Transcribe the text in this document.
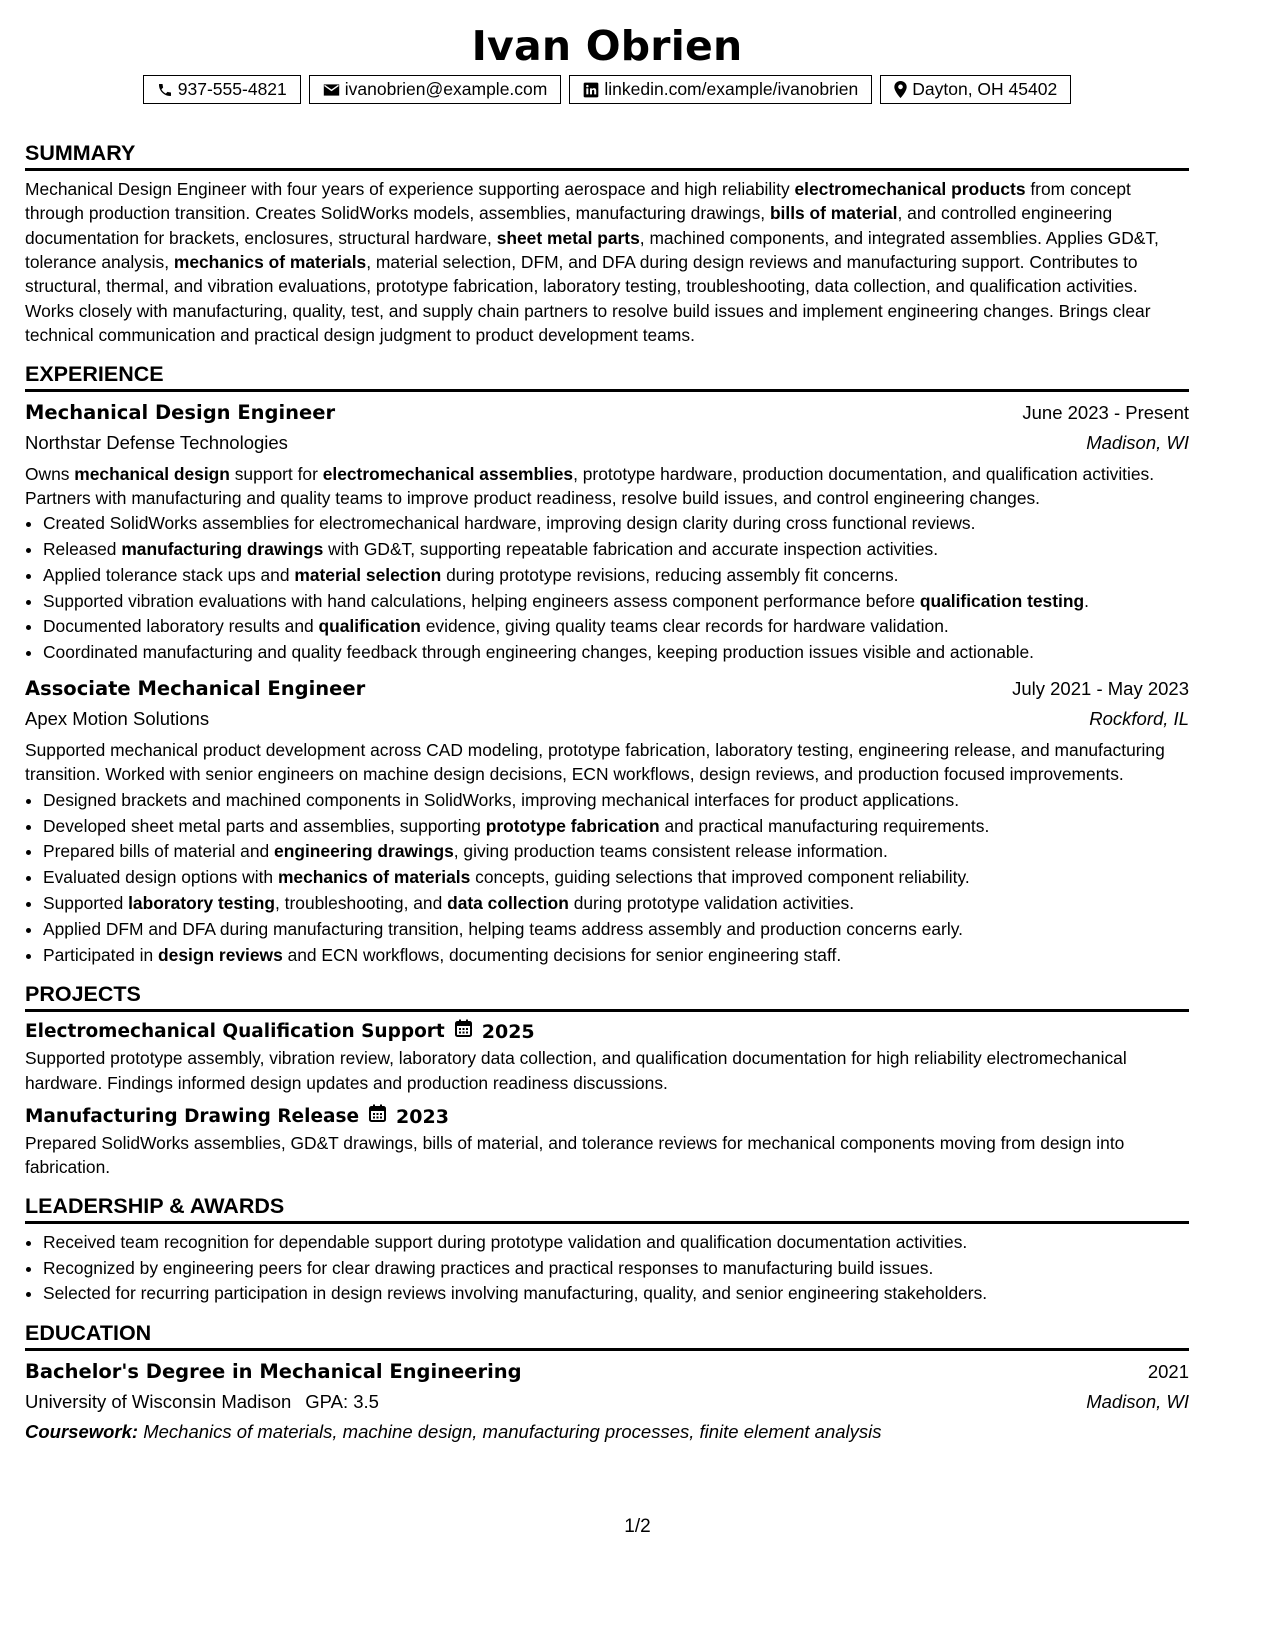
Ivan Obrien
937-555-4821	ivanobrien@example.com	linkedin.com/example/ivanobrien	Dayton, OH 45402
SUMMARY

Mechanical Design Engineer with four years of experience supporting aerospace and high reliability electromechanical products from concept through production transition. Creates SolidWorks models, assemblies, manufacturing drawings, bills of material, and controlled engineering documentation for brackets, enclosures, structural hardware, sheet metal parts, machined components, and integrated assemblies. Applies GD&T, tolerance analysis, mechanics of materials, material selection, DFM, and DFA during design reviews and manufacturing support. Contributes to structural, thermal, and vibration evaluations, prototype fabrication, laboratory testing, troubleshooting, data collection, and qualification activities. Works closely with manufacturing, quality, test, and supply chain partners to resolve build issues and implement engineering changes. Brings clear technical communication and practical design judgment to product development teams.

EXPERIENCE
Mechanical Design Engineer	June 2023 - Present
Northstar Defense Technologies	Madison, WI

Owns mechanical design support for electromechanical assemblies, prototype hardware, production documentation, and qualification activities. Partners with manufacturing and quality teams to improve product readiness, resolve build issues, and control engineering changes.

• Created SolidWorks assemblies for electromechanical hardware, improving design clarity during cross functional reviews.
• Released manufacturing drawings with GD&T, supporting repeatable fabrication and accurate inspection activities.
• Applied tolerance stack ups and material selection during prototype revisions, reducing assembly fit concerns.
• Supported vibration evaluations with hand calculations, helping engineers assess component performance before qualification testing.
• Documented laboratory results and qualification evidence, giving quality teams clear records for hardware validation.
• Coordinated manufacturing and quality feedback through engineering changes, keeping production issues visible and actionable.
Associate Mechanical Engineer	July 2021 - May 2023
Apex Motion Solutions	Rockford, IL

Supported mechanical product development across CAD modeling, prototype fabrication, laboratory testing, engineering release, and manufacturing transition. Worked with senior engineers on machine design decisions, ECN workflows, design reviews, and production focused improvements.

• Designed brackets and machined components in SolidWorks, improving mechanical interfaces for product applications.
• Developed sheet metal parts and assemblies, supporting prototype fabrication and practical manufacturing requirements.
• Prepared bills of material and engineering drawings, giving production teams consistent release information.
• Evaluated design options with mechanics of materials concepts, guiding selections that improved component reliability.
• Supported laboratory testing, troubleshooting, and data collection during prototype validation activities.
• Applied DFM and DFA during manufacturing transition, helping teams address assembly and production concerns early.
• Participated in design reviews and ECN workflows, documenting decisions for senior engineering staff.
PROJECTS
Electromechanical Qualification Support 2025

Supported prototype assembly, vibration review, laboratory data collection, and qualification documentation for high reliability electromechanical hardware. Findings informed design updates and production readiness discussions.

Manufacturing Drawing Release 2023

Prepared SolidWorks assemblies, GD&T drawings, bills of material, and tolerance reviews for mechanical components moving from design into fabrication.

LEADERSHIP & AWARDS
• Received team recognition for dependable support during prototype validation and qualification documentation activities.
• Recognized by engineering peers for clear drawing practices and practical responses to manufacturing build issues.
• Selected for recurring participation in design reviews involving manufacturing, quality, and senior engineering stakeholders.
EDUCATION
Bachelor's Degree in Mechanical Engineering	2021
University of Wisconsin Madison GPA: 3.5	Madison, WI
Coursework: Mechanics of materials, machine design, manufacturing processes, finite element analysis
1/2
